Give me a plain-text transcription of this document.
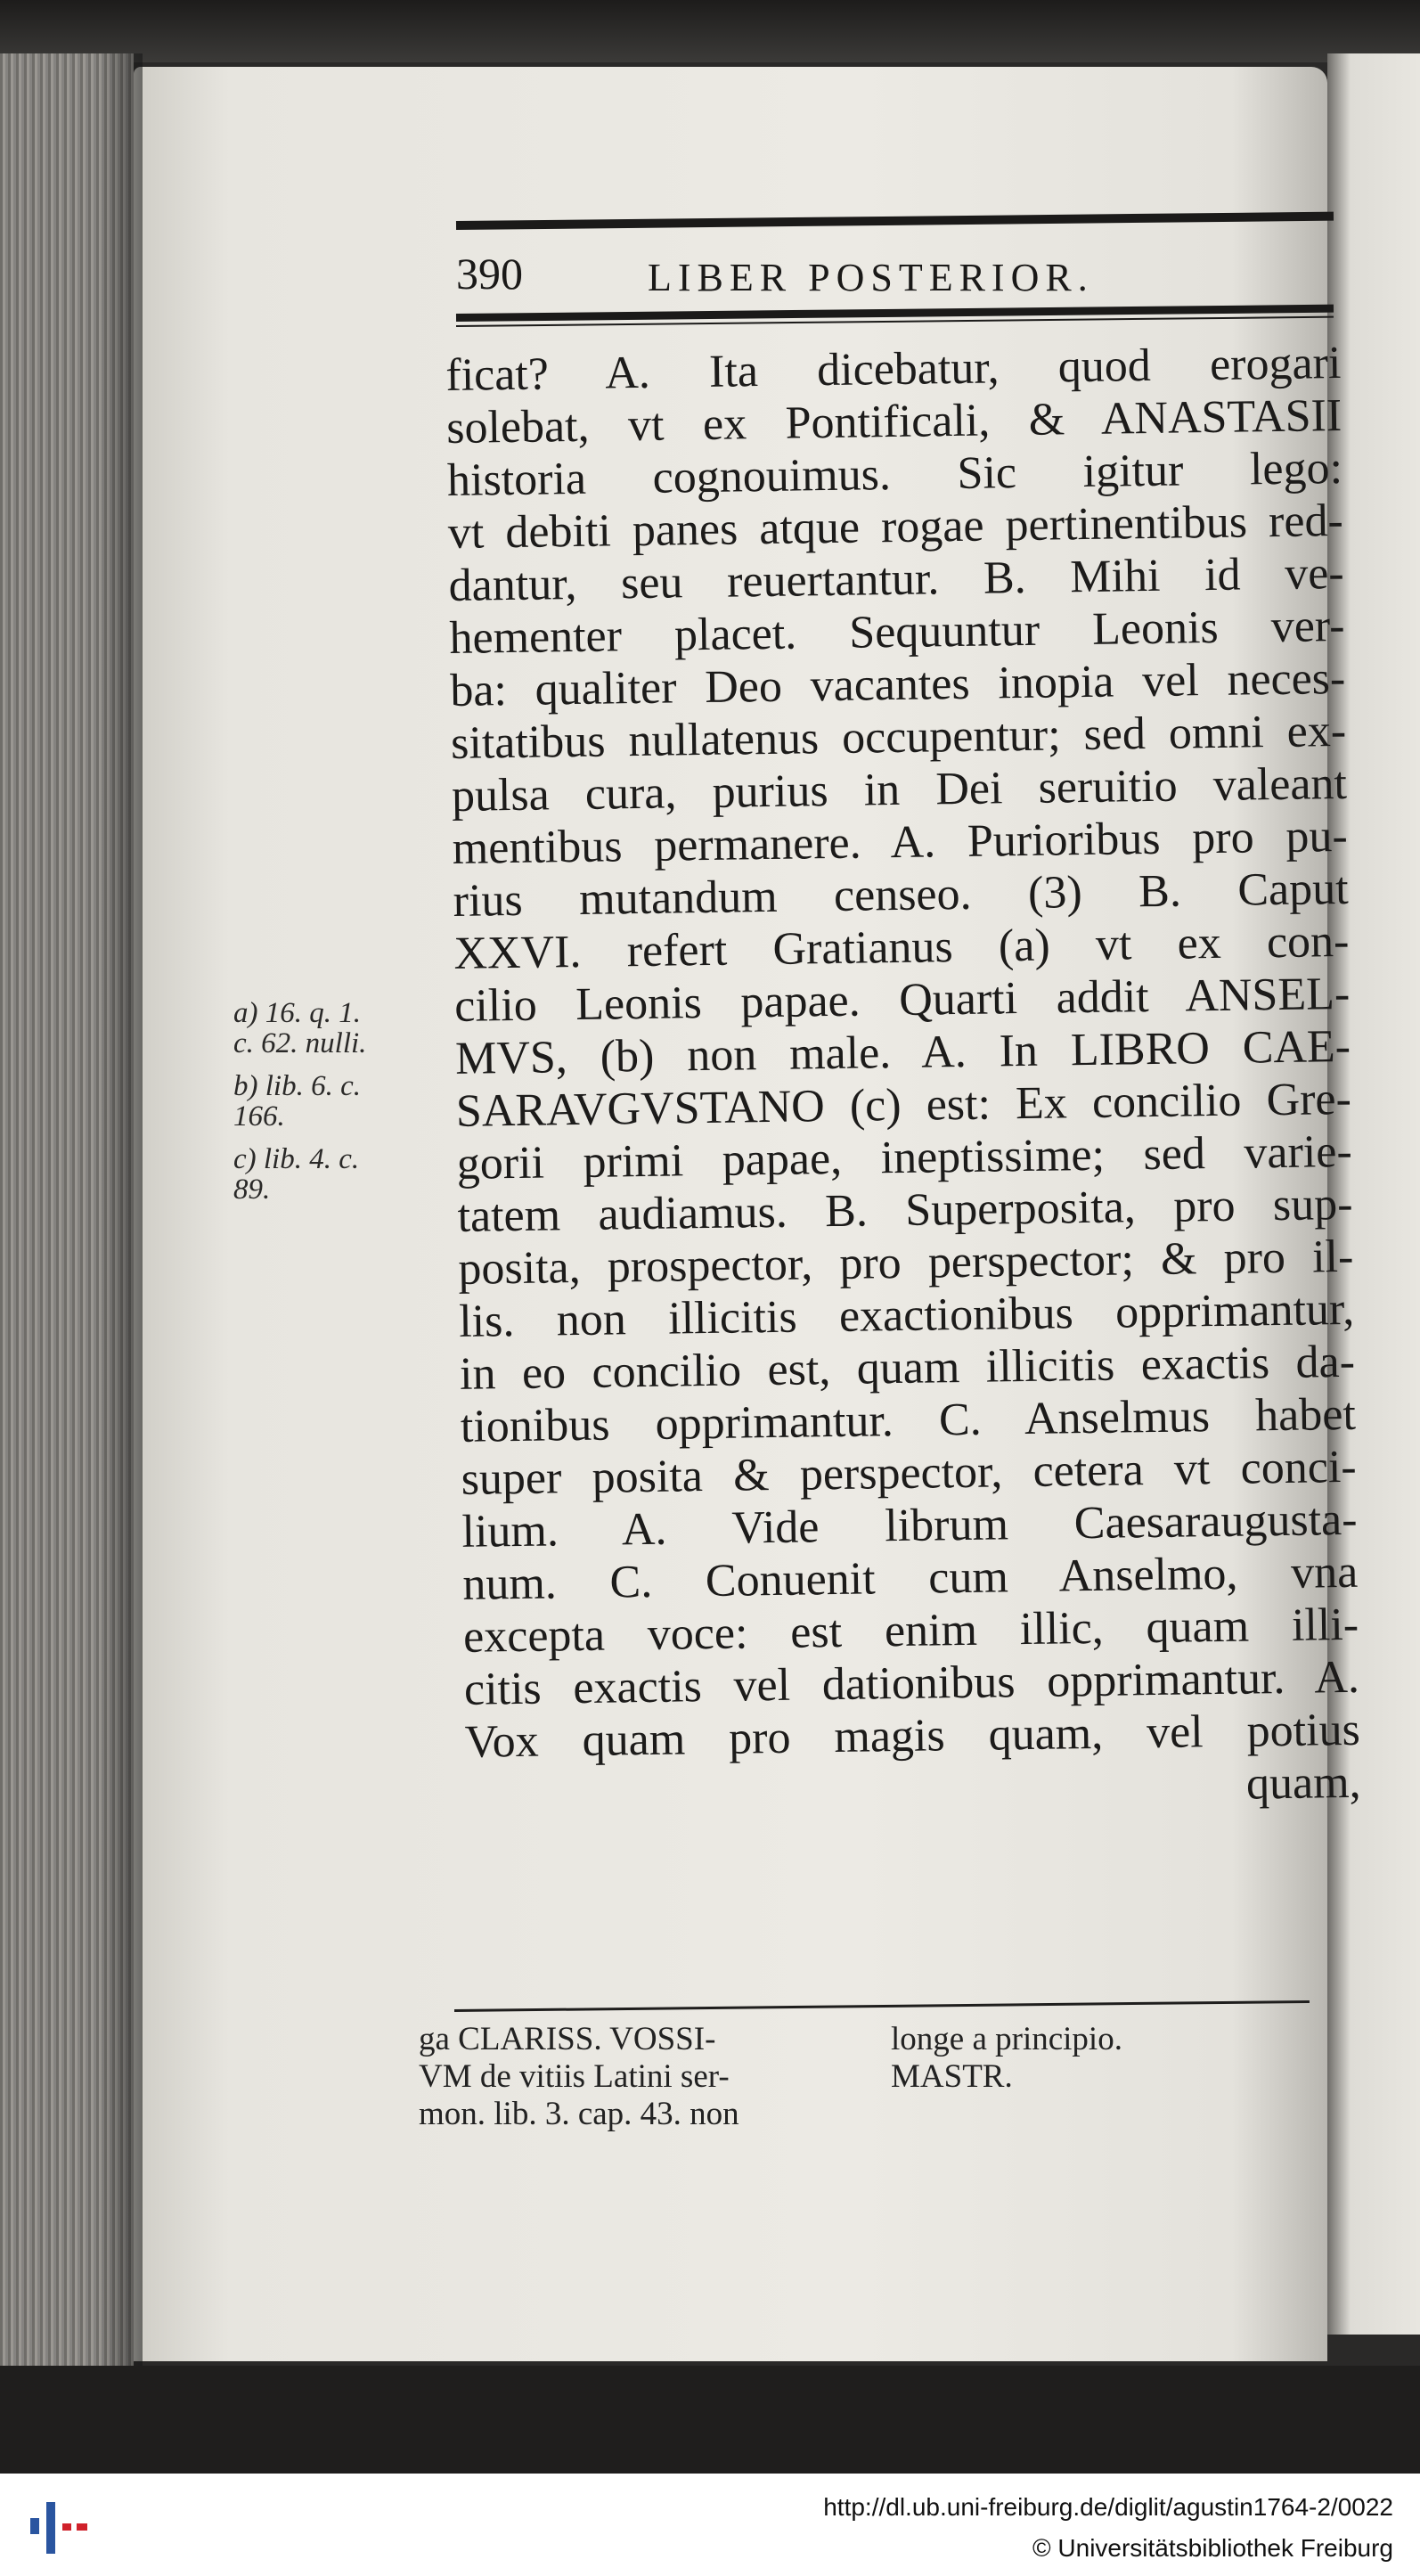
390	LIBER POSTERIOR.
ficat? A. Ita dicebatur, quod erogari
solebat, vt ex Pontificali, & ANASTASII
historia cognouimus. Sic igitur lego:
vt debiti panes atque rogae pertinentibus red-
dantur, seu reuertantur. B. Mihi id ve-
hementer placet. Sequuntur Leonis ver-
ba: qualiter Deo vacantes inopia vel neces-
sitatibus nullatenus occupentur; sed omni ex-
pulsa cura, purius in Dei seruitio valeant
mentibus permanere. A. Purioribus pro pu-
rius mutandum censeo. (3) B. Caput
XXVI. refert Gratianus (a) vt ex con-
cilio Leonis papae. Quarti addit ANSEL-
MVS, (b) non male. A. In LIBRO CAE-
SARAVGVSTANO (c) est: Ex concilio Gre-
gorii primi papae, ineptissime; sed varie-
tatem audiamus. B. Superposita, pro sup-
posita, prospector, pro perspector; & pro il-
lis. non illicitis exactionibus opprimantur,
in eo concilio est, quam illicitis exactis da-
tionibus opprimantur. C. Anselmus habet
super posita & perspector, cetera vt conci-
lium. A. Vide librum Caesaraugusta-
num. C. Conuenit cum Anselmo, vna
excepta voce: est enim illic, quam illi-
citis exactis vel dationibus opprimantur. A.
Vox quam pro magis quam, vel potius
quam,
a) 16. q. 1.
c. 62. nulli.
b) lib. 6. c.
166.
c) lib. 4. c.
89.
ga CLARISS. VOSSI-
VM de vitiis Latini ser-
mon. lib. 3. cap. 43. non
longe a principio.
MASTR.
http://dl.ub.uni-freiburg.de/diglit/agustin1764-2/0022
© Universitätsbibliothek Freiburg
